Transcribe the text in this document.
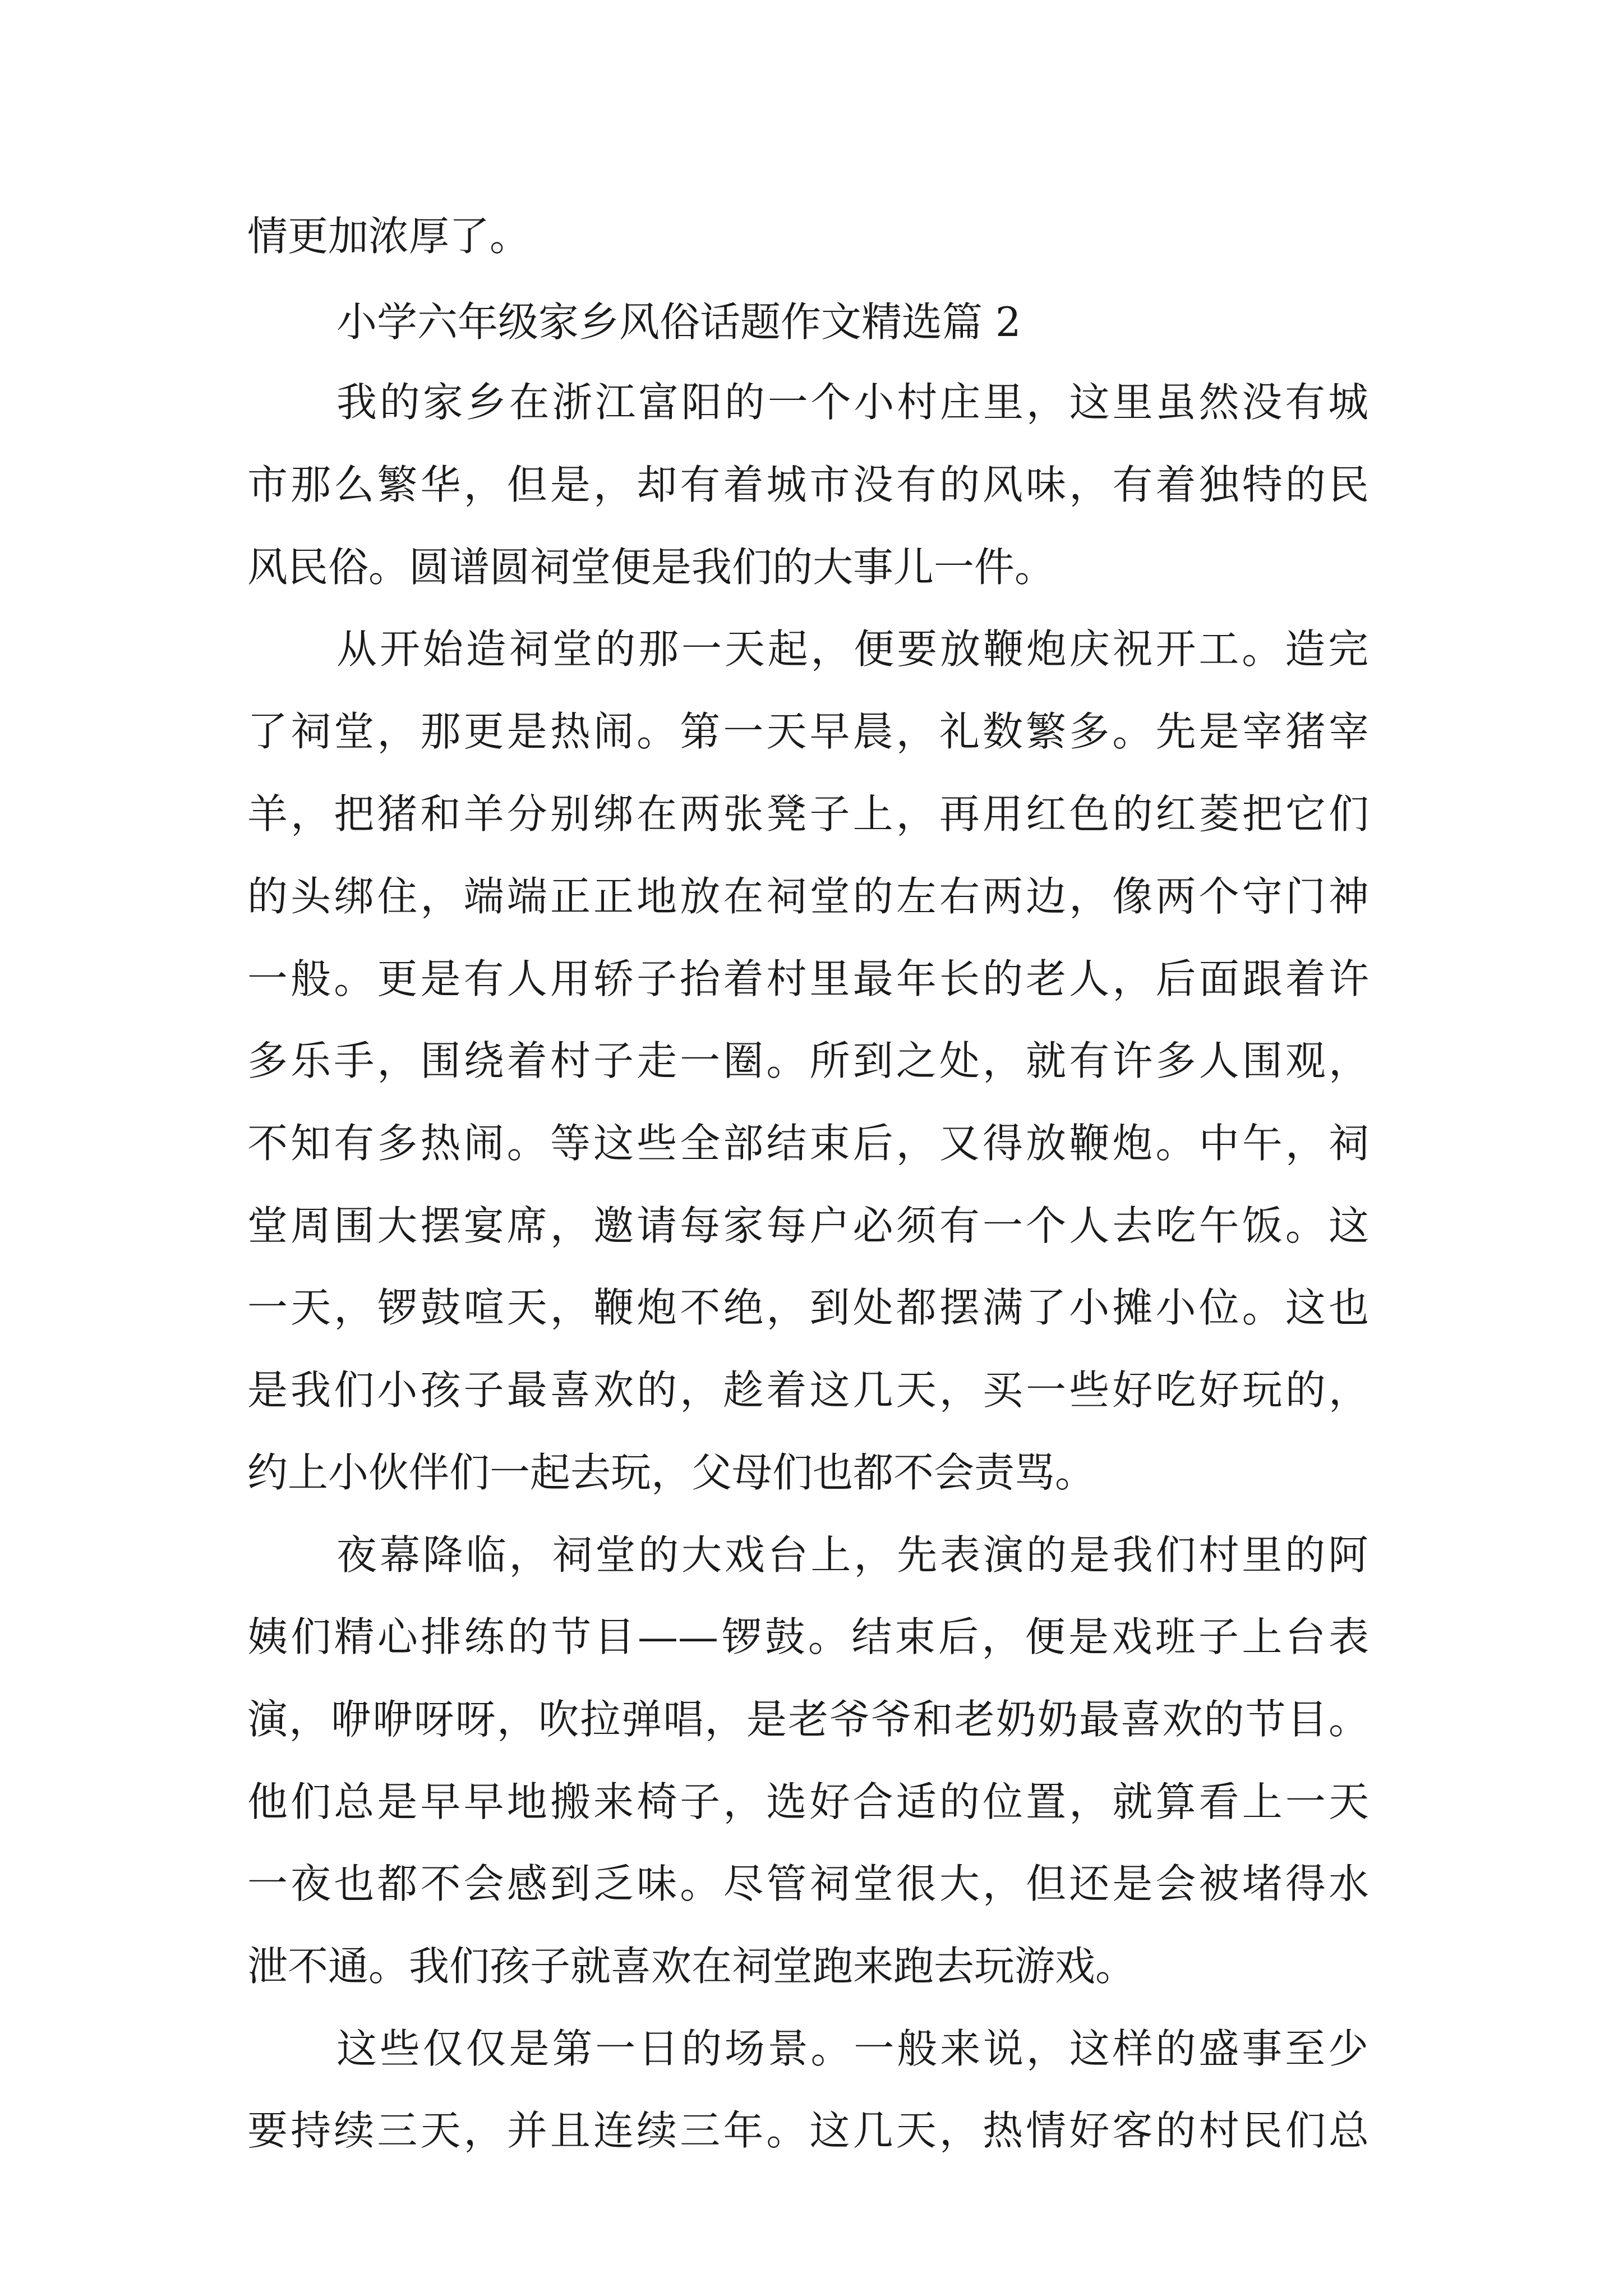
情更加浓厚了。
小学六年级家乡风俗话题作文精选篇 2
我的家乡在浙江富阳的一个小村庄里，这里虽然没有城
市那么繁华，但是，却有着城市没有的风味，有着独特的民
风民俗。圆谱圆祠堂便是我们的大事儿一件。
从开始造祠堂的那一天起，便要放鞭炮庆祝开工。造完
了祠堂，那更是热闹。第一天早晨，礼数繁多。先是宰猪宰
羊，把猪和羊分别绑在两张凳子上，再用红色的红菱把它们
的头绑住，端端正正地放在祠堂的左右两边，像两个守门神
一般。更是有人用轿子抬着村里最年长的老人，后面跟着许
多乐手，围绕着村子走一圈。所到之处，就有许多人围观，
不知有多热闹。等这些全部结束后，又得放鞭炮。中午，祠
堂周围大摆宴席，邀请每家每户必须有一个人去吃午饭。这
一天，锣鼓喧天，鞭炮不绝，到处都摆满了小摊小位。这也
是我们小孩子最喜欢的，趁着这几天，买一些好吃好玩的，
约上小伙伴们一起去玩，父母们也都不会责骂。
夜幕降临，祠堂的大戏台上，先表演的是我们村里的阿
姨们精心排练的节目——锣鼓。结束后，便是戏班子上台表
演，咿咿呀呀，吹拉弹唱，是老爷爷和老奶奶最喜欢的节目。
他们总是早早地搬来椅子，选好合适的位置，就算看上一天
一夜也都不会感到乏味。尽管祠堂很大，但还是会被堵得水
泄不通。我们孩子就喜欢在祠堂跑来跑去玩游戏。
这些仅仅是第一日的场景。一般来说，这样的盛事至少
要持续三天，并且连续三年。这几天，热情好客的村民们总
